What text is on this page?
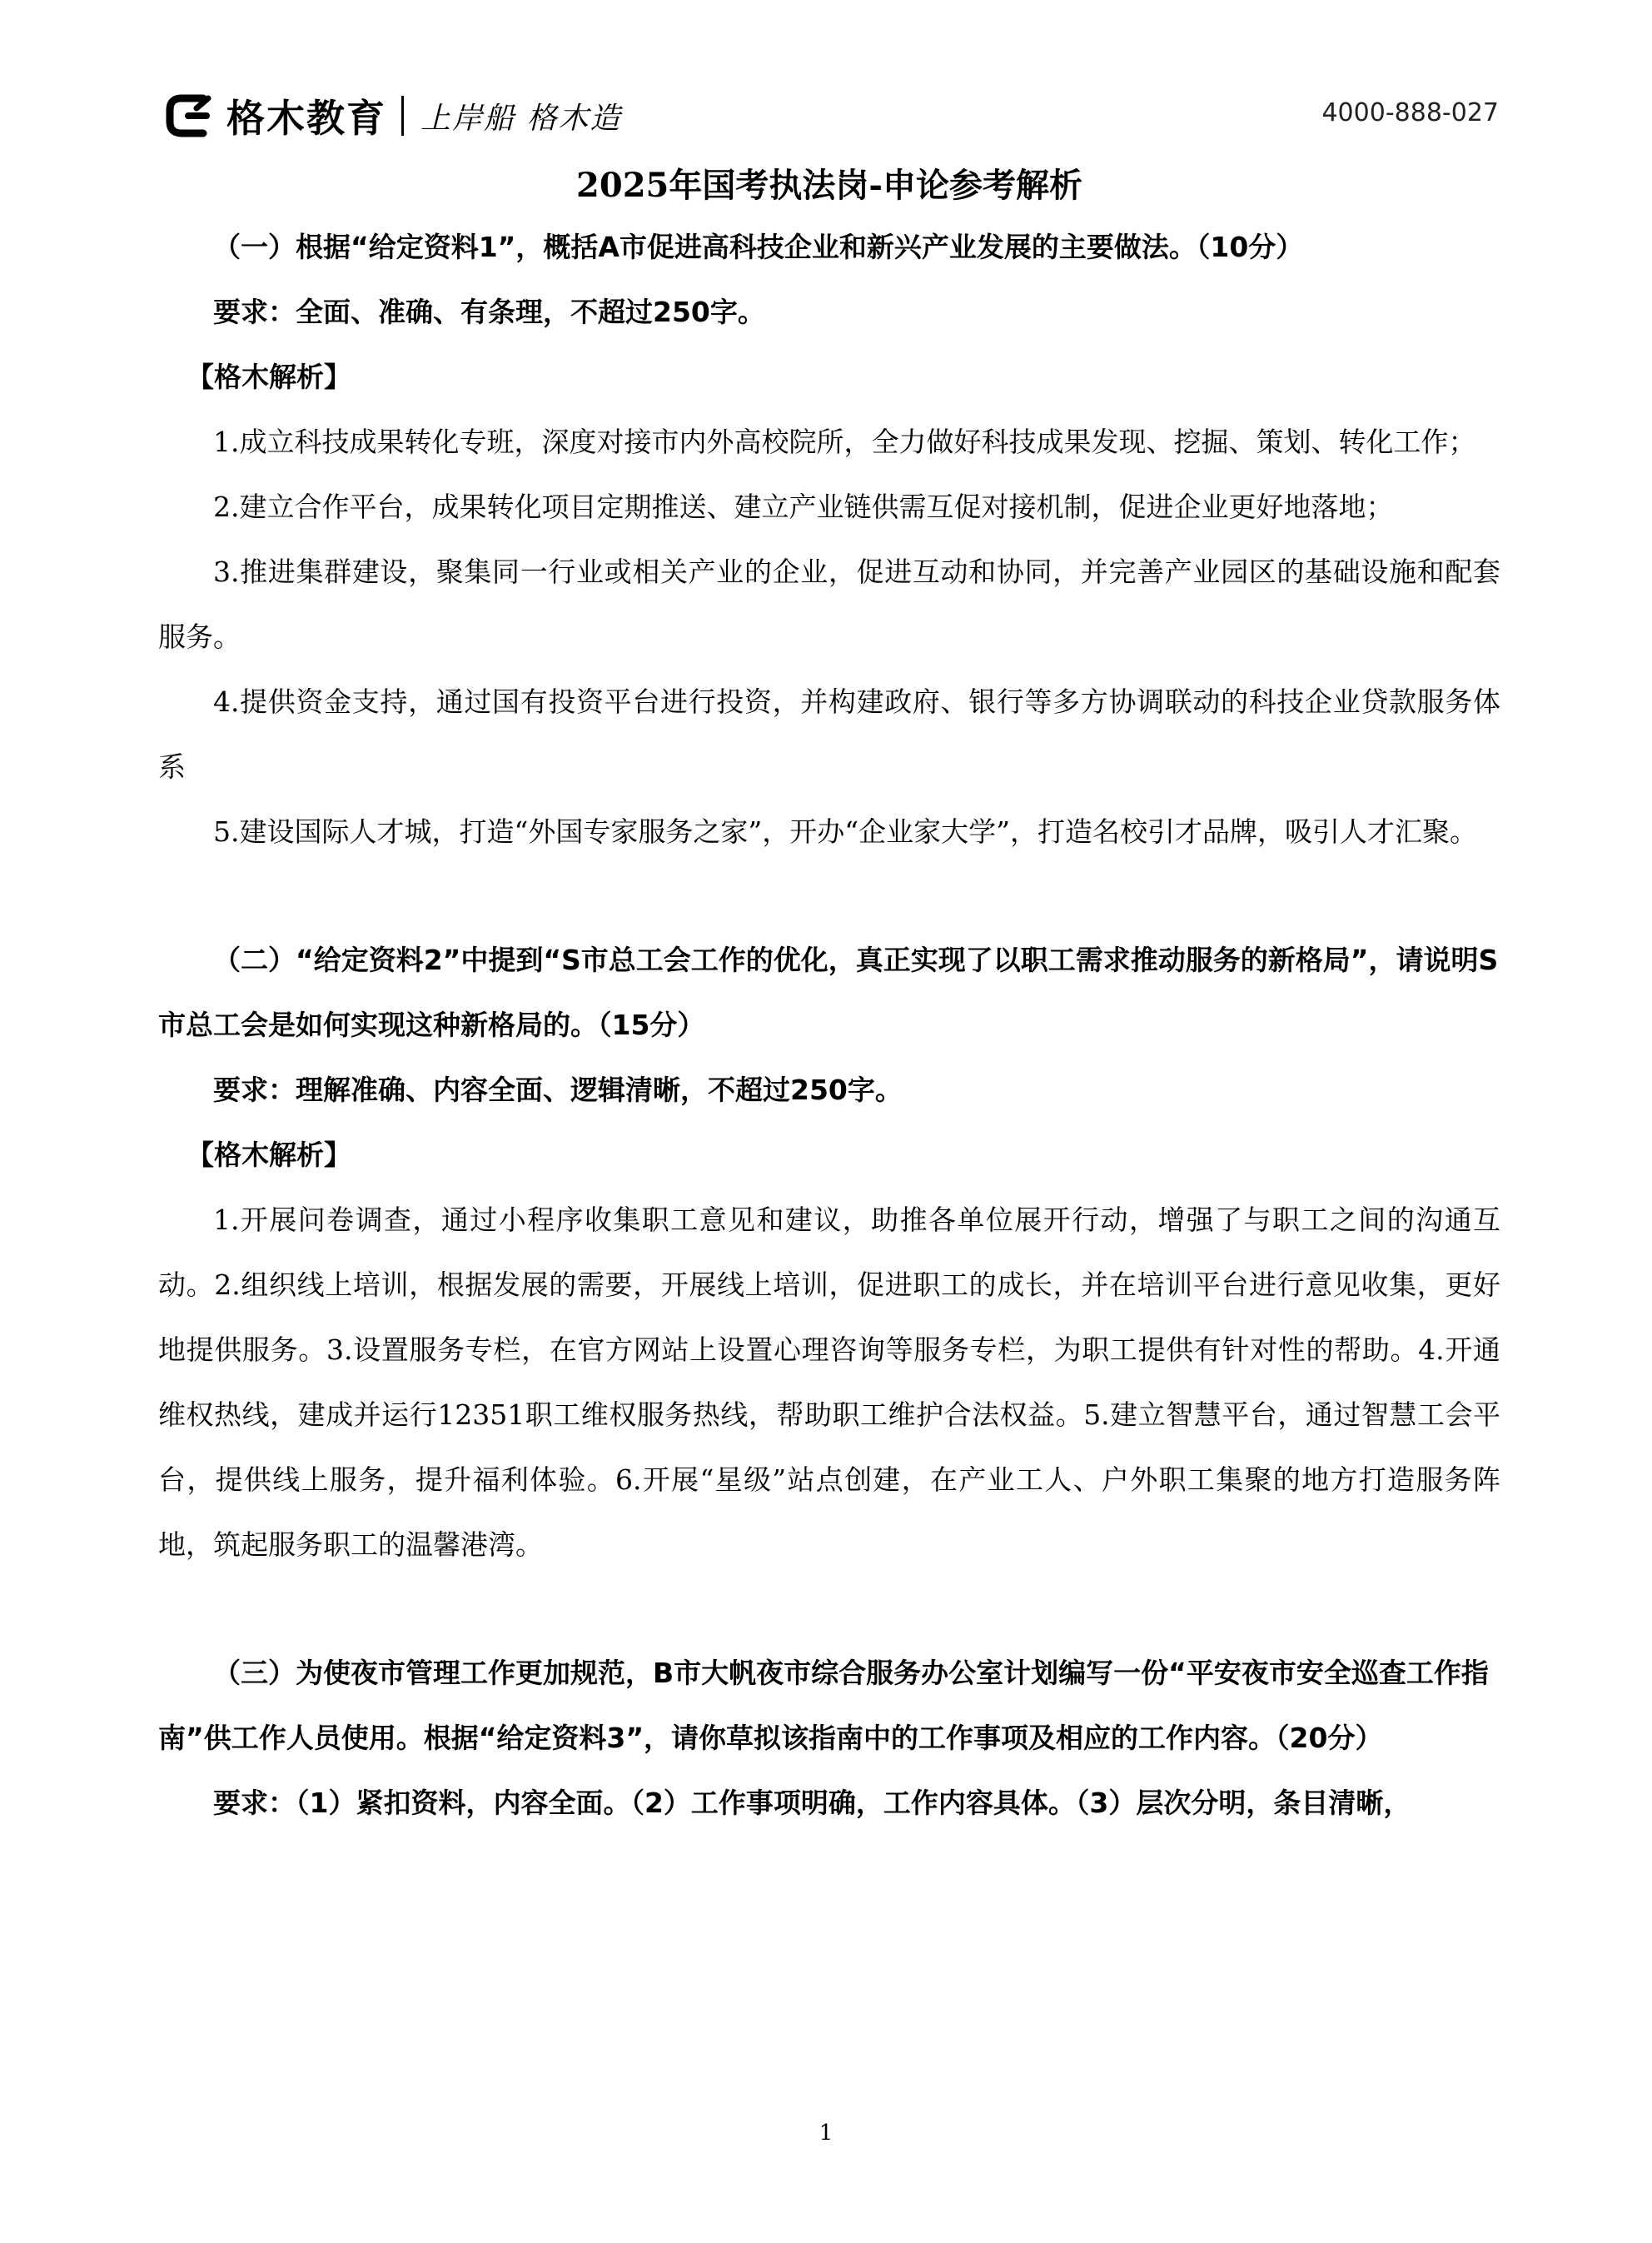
格木教育 上岸船 格木造	4000-888-027
2025年国考执法岗-申论参考解析

（一）根据“给定资料1”，概括A市促进高科技企业和新兴产业发展的主要做法。（10分）

要求：全面、准确、有条理，不超过250字。

【格木解析】

1.成立科技成果转化专班，深度对接市内外高校院所，全力做好科技成果发现、挖掘、策划、转化工作；

2.建立合作平台，成果转化项目定期推送、建立产业链供需互促对接机制，促进企业更好地落地；

3.推进集群建设，聚集同一行业或相关产业的企业，促进互动和协同，并完善产业园区的基础设施和配套服务。

4.提供资金支持，通过国有投资平台进行投资，并构建政府、银行等多方协调联动的科技企业贷款服务体系

5.建设国际人才城，打造“外国专家服务之家”，开办“企业家大学”，打造名校引才品牌，吸引人才汇聚。

（二）“给定资料2”中提到“S市总工会工作的优化，真正实现了以职工需求推动服务的新格局”，请说明S市总工会是如何实现这种新格局的。（15分）

要求：理解准确、内容全面、逻辑清晰，不超过250字。

【格木解析】

1.开展问卷调查，通过小程序收集职工意见和建议，助推各单位展开行动，增强了与职工之间的沟通互动。2.组织线上培训，根据发展的需要，开展线上培训，促进职工的成长，并在培训平台进行意见收集，更好地提供服务。3.设置服务专栏，在官方网站上设置心理咨询等服务专栏，为职工提供有针对性的帮助。4.开通维权热线，建成并运行12351职工维权服务热线，帮助职工维护合法权益。5.建立智慧平台，通过智慧工会平台，提供线上服务，提升福利体验。6.开展“星级”站点创建，在产业工人、户外职工集聚的地方打造服务阵地，筑起服务职工的温馨港湾。

（三）为使夜市管理工作更加规范，B市大帆夜市综合服务办公室计划编写一份“平安夜市安全巡查工作指南”供工作人员使用。根据“给定资料3”，请你草拟该指南中的工作事项及相应的工作内容。（20分）

要求：（1）紧扣资料，内容全面。（2）工作事项明确，工作内容具体。（3）层次分明，条目清晰，

1
